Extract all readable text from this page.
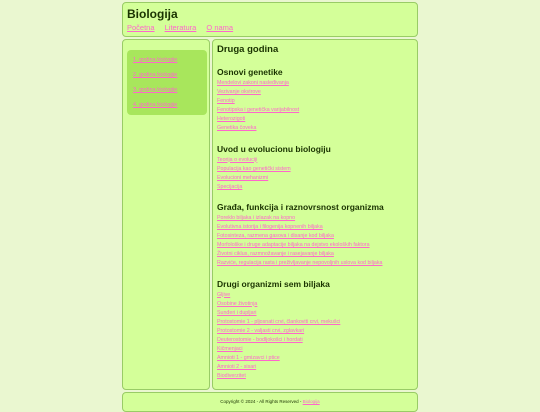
Biologija
Početna Literatura O nama
1. godina biologije
2. godina biologije
3. godina biologije
4. godina biologije
Druga godina
Osnovi genetike
Mendelovi zakoni nasleđivanja
Vezivanje okvirove
Fenotip
Fenotipska i genetička varijabilnost
Heterozigoti
Genetika čoveka
Uvod u evolucionu biologiju
Teorija o evoluciji
Populacija kao genetički sistem
Evolucioni mehanizmi
Specijacija
Građa, funkcija i raznovrsnost organizma
Poreklo biljaka i izlazak na kopno
Evolutivna istorija i filogenija kopnenih biljaka
Fotosinteza, razmena gasova i disanje kod biljaka
Morfološke i druge adaptacije biljaka na dejstvo ekoloških faktora
Životni ciklus, razmnožavanje i rasejavanje biljaka
Razviće, regulacija rasta i preživljavanje nepovoljnih uslova kod biljaka
Drugi organizmi sem biljaka
Gljive
Osobine životinja
Sunđeri i dupljari
Protostomie 1 - pljosnati crvi, člankoviti crvi, mekušci
Protostomie 2 - valjasti crvi, zglavkari
Deuterostomie - bodljokošci i hordati
Kičmenjaci
Amnioti 1 - gmizavci i ptice
Amnioti 2 - sisari
Biodiverzitet
Copyright © 2024 - All Rights Reserved - Biologija
